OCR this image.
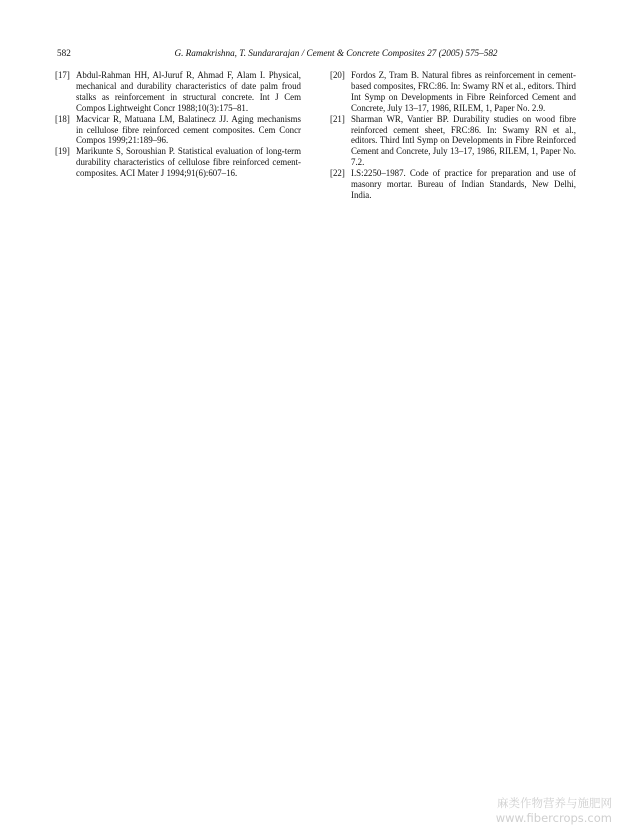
582	G. Ramakrishna, T. Sundararajan / Cement & Concrete Composites 27 (2005) 575–582

[17] Abdul-Rahman HH, Al-Juruf R, Ahmad F, Alam I. Physical, mechanical and durability characteristics of date palm froud stalks as reinforcement in structural concrete. Int J Cem Compos Lightweight Concr 1988;10(3):175–81.

[18] Macvicar R, Matuana LM, Balatinecz JJ. Aging mechanisms in cellulose fibre reinforced cement composites. Cem Concr Compos 1999;21:189–96.

[19] Marikunte S, Soroushian P. Statistical evaluation of long-term durability characteristics of cellulose fibre reinforced cement-composites. ACI Mater J 1994;91(6):607–16.

[20] Fordos Z, Tram B. Natural fibres as reinforcement in cement-based composites, FRC:86. In: Swamy RN et al., editors. Third Int Symp on Developments in Fibre Reinforced Cement and Concrete, July 13–17, 1986, RILEM, 1, Paper No. 2.9.

[21] Sharman WR, Vantier BP. Durability studies on wood fibre reinforced cement sheet, FRC:86. In: Swamy RN et al., editors. Third Intl Symp on Developments in Fibre Reinforced Cement and Concrete, July 13–17, 1986, RILEM, 1, Paper No. 7.2.

[22] I.S:2250–1987. Code of practice for preparation and use of masonry mortar. Bureau of Indian Standards, New Delhi, India.

麻类作物营养与施肥网
www.fibercrops.com
